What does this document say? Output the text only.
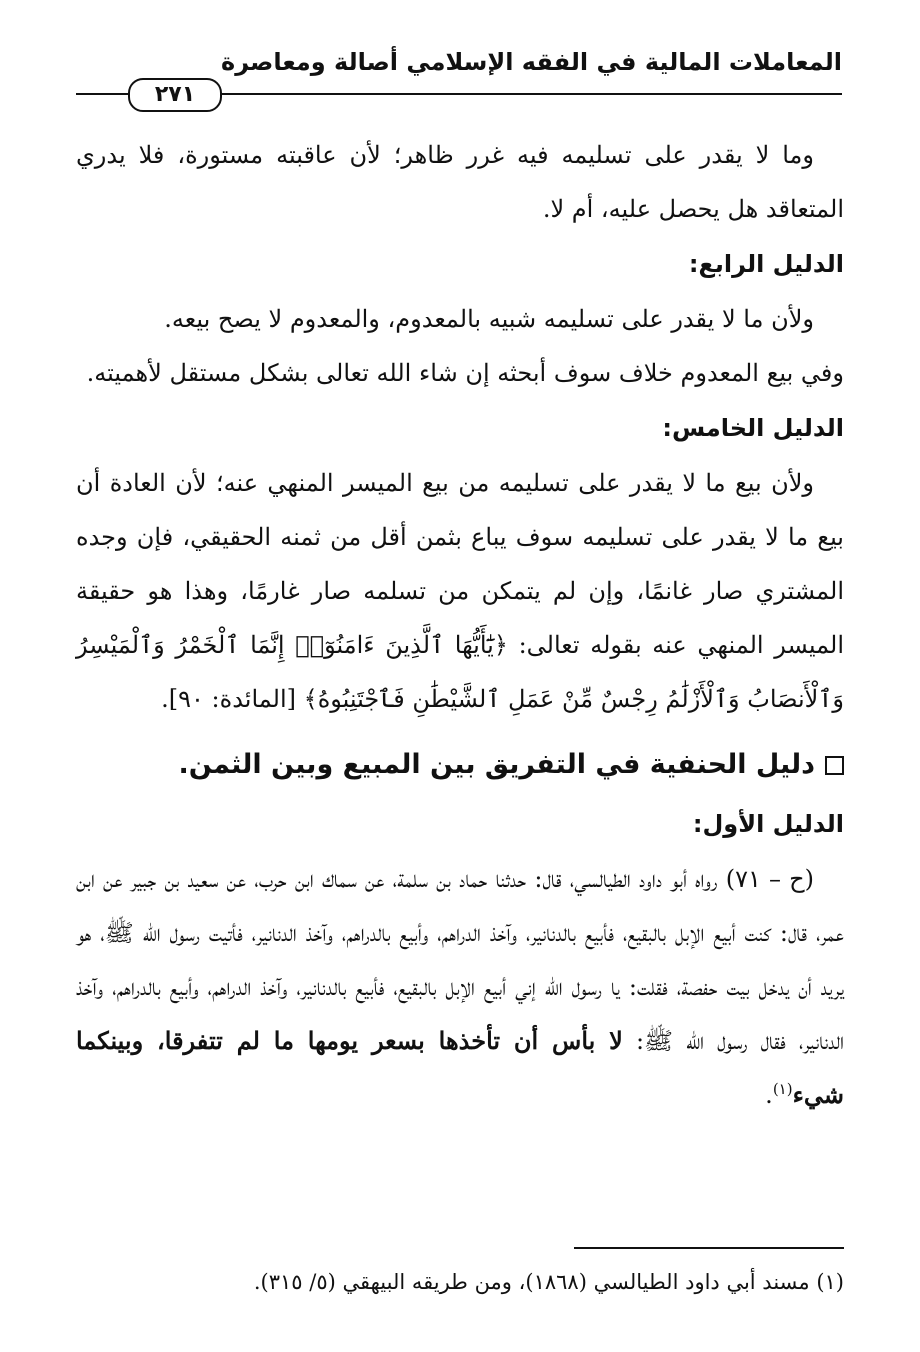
المعاملات المالية في الفقه الإسلامي أصالة ومعاصرة
٢٧١

وما لا يقدر على تسليمه فيه غرر ظاهر؛ لأن عاقبته مستورة، فلا يدري المتعاقد هل يحصل عليه، أم لا.

الدليل الرابع:

ولأن ما لا يقدر على تسليمه شبيه بالمعدوم، والمعدوم لا يصح بيعه.

وفي بيع المعدوم خلاف سوف أبحثه إن شاء الله تعالى بشكل مستقل لأهميته.

الدليل الخامس:

ولأن بيع ما لا يقدر على تسليمه من بيع الميسر المنهي عنه؛ لأن العادة أن بيع ما لا يقدر على تسليمه سوف يباع بثمن أقل من ثمنه الحقيقي، فإن وجده المشتري صار غانمًا، وإن لم يتمكن من تسلمه صار غارمًا، وهذا هو حقيقة الميسر المنهي عنه بقوله تعالى: ﴿يَٰٓأَيُّهَا ٱلَّذِينَ ءَامَنُوٓا۟ إِنَّمَا ٱلْخَمْرُ وَٱلْمَيْسِرُ وَٱلْأَنصَابُ وَٱلْأَزْلَٰمُ رِجْسٌ مِّنْ عَمَلِ ٱلشَّيْطَٰنِ فَٱجْتَنِبُوهُ﴾ [المائدة: ٩٠].

دليل الحنفية في التفريق بين المبيع وبين الثمن.

الدليل الأول:

(ح – ٧١) رواه أبو داود الطيالسي، قال: حدثنا حماد بن سلمة، عن سماك ابن حرب، عن سعيد بن جبير عن ابن عمر، قال: كنت أبيع الإبل بالبقيع، فأبيع بالدنانير، وآخذ الدراهم، وأبيع بالدراهم، وآخذ الدنانير، فأتيت رسول الله ﷺ، هو يريد أن يدخل بيت حفصة، فقلت: يا رسول الله إني أبيع الإبل بالبقيع، فأبيع بالدنانير، وآخذ الدراهم، وأبيع بالدراهم، وآخذ الدنانير، فقال رسول الله ﷺ: لا بأس أن تأخذها بسعر يومها ما لم تتفرقا، وبينكما شيء$^{(١)}$.

(١) مسند أبي داود الطيالسي (١٨٦٨)، ومن طريقه البيهقي (٥/ ٣١٥).
